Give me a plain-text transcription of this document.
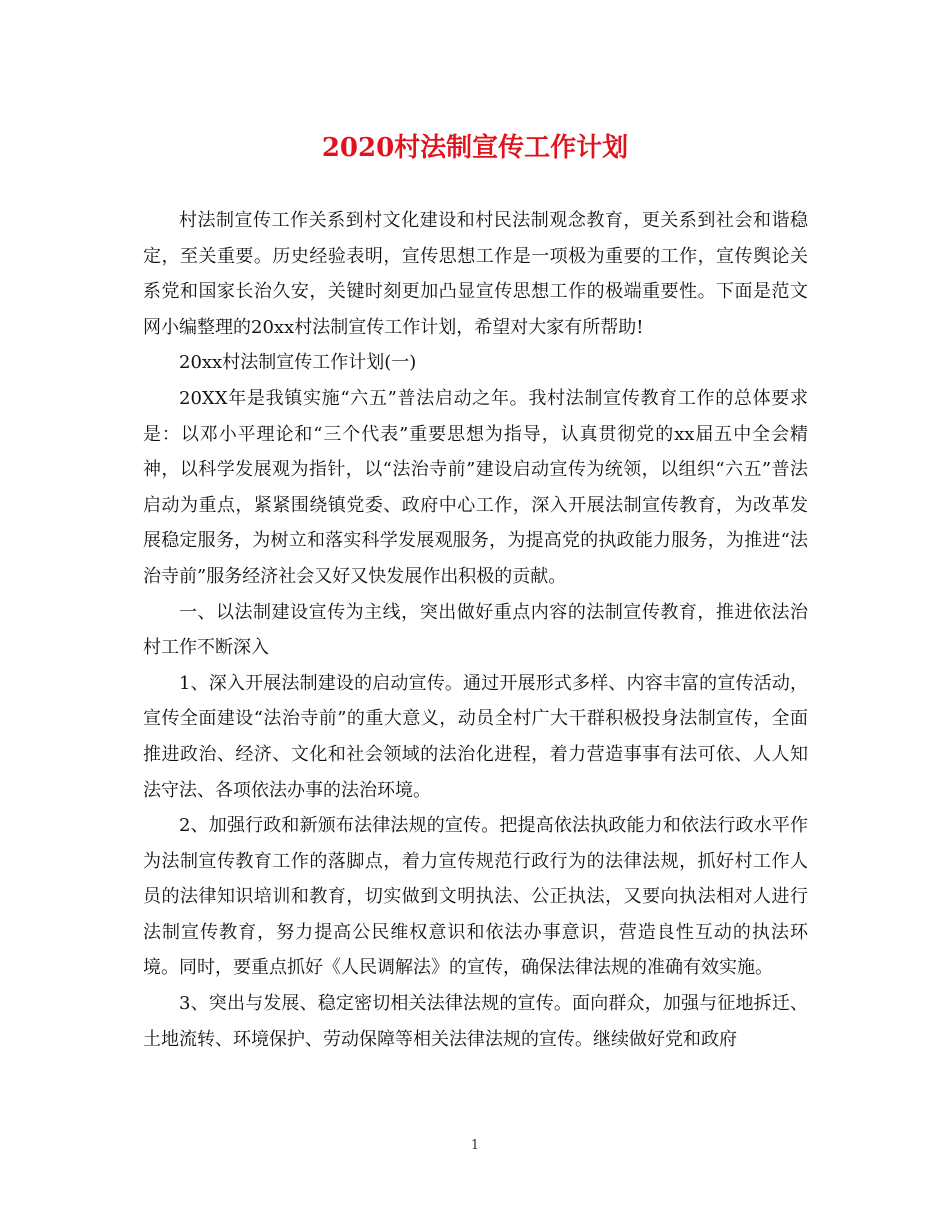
2020村法制宣传工作计划

村法制宣传工作关系到村文化建设和村民法制观念教育，更关系到社会和谐稳定，至关重要。历史经验表明，宣传思想工作是一项极为重要的工作，宣传舆论关系党和国家长治久安，关键时刻更加凸显宣传思想工作的极端重要性。下面是范文网小编整理的20xx村法制宣传工作计划，希望对大家有所帮助!

20xx村法制宣传工作计划(一)

20XX年是我镇实施“六五”普法启动之年。我村法制宣传教育工作的总体要求是：以邓小平理论和“三个代表”重要思想为指导，认真贯彻党的xx届五中全会精神，以科学发展观为指针，以“法治寺前”建设启动宣传为统领，以组织“六五”普法启动为重点，紧紧围绕镇党委、政府中心工作，深入开展法制宣传教育，为改革发展稳定服务，为树立和落实科学发展观服务，为提高党的执政能力服务，为推进“法治寺前”服务经济社会又好又快发展作出积极的贡献。

一、以法制建设宣传为主线，突出做好重点内容的法制宣传教育，推进依法治村工作不断深入

1、深入开展法制建设的启动宣传。通过开展形式多样、内容丰富的宣传活动，宣传全面建设“法治寺前”的重大意义，动员全村广大干群积极投身法制宣传，全面推进政治、经济、文化和社会领域的法治化进程，着力营造事事有法可依、人人知法守法、各项依法办事的法治环境。

2、加强行政和新颁布法律法规的宣传。把提高依法执政能力和依法行政水平作为法制宣传教育工作的落脚点，着力宣传规范行政行为的法律法规，抓好村工作人员的法律知识培训和教育，切实做到文明执法、公正执法，又要向执法相对人进行法制宣传教育，努力提高公民维权意识和依法办事意识，营造良性互动的执法环境。同时，要重点抓好《人民调解法》的宣传，确保法律法规的准确有效实施。

3、突出与发展、稳定密切相关法律法规的宣传。面向群众，加强与征地拆迁、土地流转、环境保护、劳动保障等相关法律法规的宣传。继续做好党和政府

1
